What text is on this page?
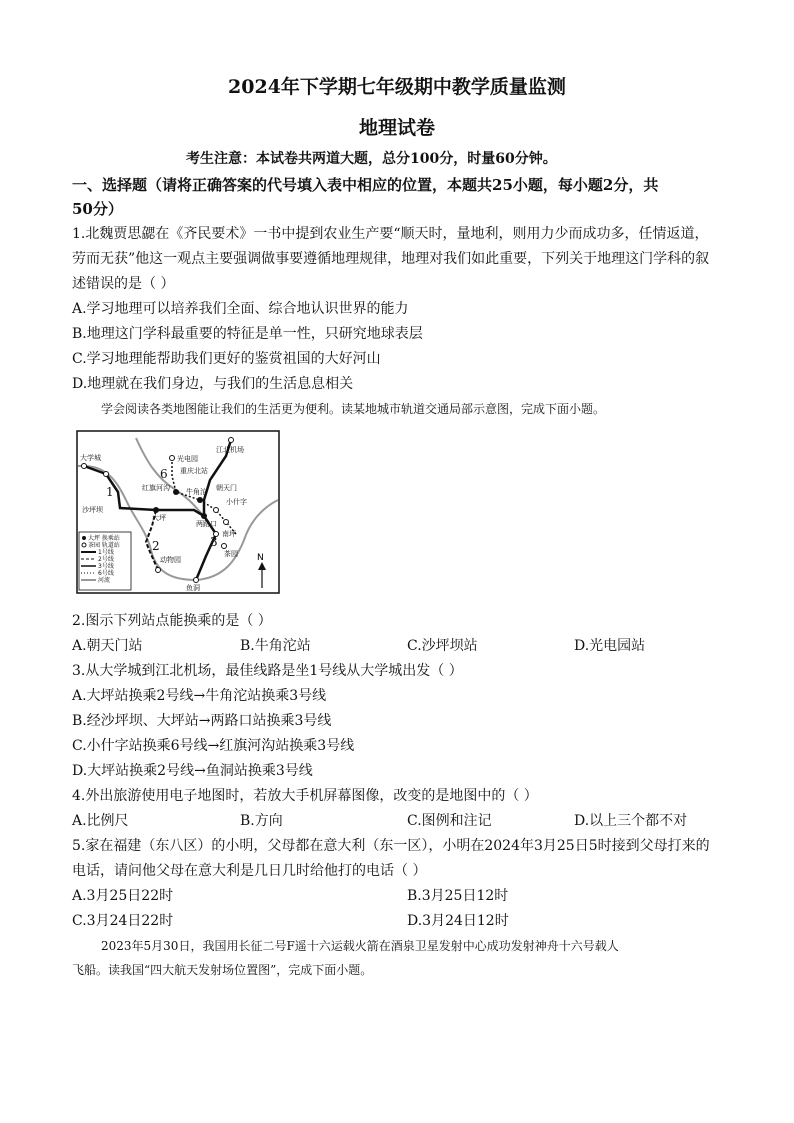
2024年下学期七年级期中教学质量监测
地理试卷
考生注意：本试卷共两道大题，总分100分，时量60分钟。
一、选择题（请将正确答案的代号填入表中相应的位置，本题共25小题，每小题2分，共
50分）
1.北魏贾思勰在《齐民要术》一书中提到农业生产要“顺天时，量地利，则用力少而成功多，任情返道，
劳而无获”他这一观点主要强调做事要遵循地理规律，地理对我们如此重要，下列关于地理这门学科的叙
述错误的是（ ）
A.学习地理可以培养我们全面、综合地认识世界的能力
B.地理这门学科最重要的特征是单一性，只研究地球表层
C.学习地理能帮助我们更好的鉴赏祖国的大好河山
D.地理就在我们身边，与我们的生活息息相关
学会阅读各类地图能让我们的生活更为便利。读某地城市轨道交通局部示意图，完成下面小题。
光电园
重庆北站
江北机场
大学城
红旗河沟 牛角沱 朝天门
小什字
沙坪坝
大坪
两路口
南坪
茶园
动物园
鱼洞
1
2	3
6
大坪 换乘站
茶园 轨道站
1号线
2号线
3号线
6号线
河流
N
2.图示下列站点能换乘的是（ ）
A.朝天门站	B.牛角沱站	C.沙坪坝站	D.光电园站
3.从大学城到江北机场，最佳线路是坐1号线从大学城出发（ ）
A.大坪站换乘2号线→牛角沱站换乘3号线
B.经沙坪坝、大坪站→两路口站换乘3号线
C.小什字站换乘6号线→红旗河沟站换乘3号线
D.大坪站换乘2号线→鱼洞站换乘3号线
4.外出旅游使用电子地图时，若放大手机屏幕图像，改变的是地图中的（ ）
A.比例尺	B.方向	C.图例和注记	D.以上三个都不对
5.家在福建（东八区）的小明，父母都在意大利（东一区），小明在2024年3月25日5时接到父母打来的
电话，请问他父母在意大利是几日几时给他打的电话（ ）
A.3月25日22时	B.3月25日12时
C.3月24日22时	D.3月24日12时
2023年5月30日，我国用长征二号F遥十六运载火箭在酒泉卫星发射中心成功发射神舟十六号载人
飞船。读我国“四大航天发射场位置图”，完成下面小题。
